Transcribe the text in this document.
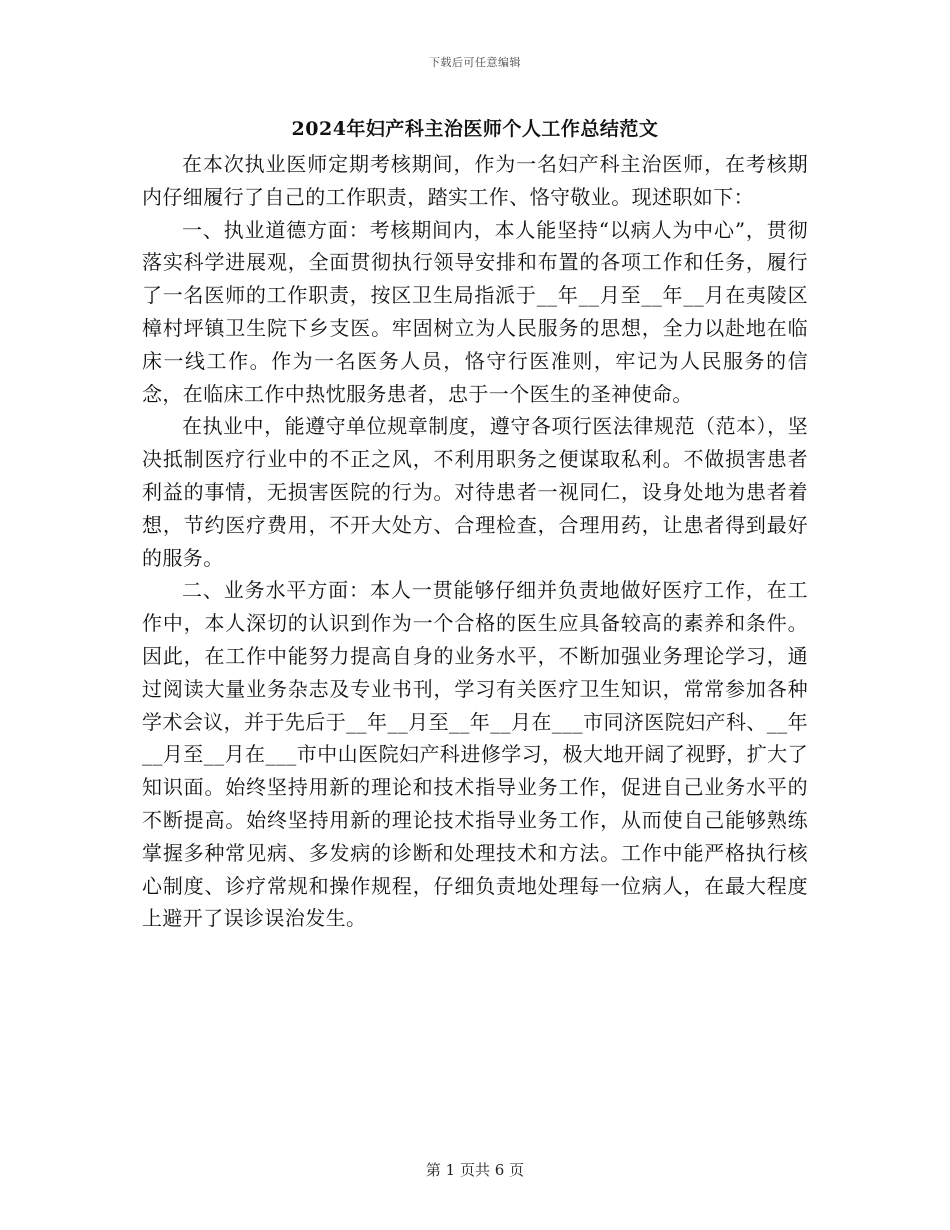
下载后可任意编辑
2024年妇产科主治医师个人工作总结范文

在本次执业医师定期考核期间，作为一名妇产科主治医师，在考核期内仔细履行了自己的工作职责，踏实工作、恪守敬业。现述职如下：

一、执业道德方面：考核期间内，本人能坚持“以病人为中心”，贯彻落实科学进展观，全面贯彻执行领导安排和布置的各项工作和任务，履行了一名医师的工作职责，按区卫生局指派于__年__月至__年__月在夷陵区樟村坪镇卫生院下乡支医。牢固树立为人民服务的思想，全力以赴地在临床一线工作。作为一名医务人员，恪守行医准则，牢记为人民服务的信念，在临床工作中热忱服务患者，忠于一个医生的圣神使命。

在执业中，能遵守单位规章制度，遵守各项行医法律规范（范本），坚决抵制医疗行业中的不正之风，不利用职务之便谋取私利。不做损害患者利益的事情，无损害医院的行为。对待患者一视同仁，设身处地为患者着想，节约医疗费用，不开大处方、合理检查，合理用药，让患者得到最好的服务。

二、业务水平方面：本人一贯能够仔细并负责地做好医疗工作，在工作中，本人深切的认识到作为一个合格的医生应具备较高的素养和条件。因此，在工作中能努力提高自身的业务水平，不断加强业务理论学习，通过阅读大量业务杂志及专业书刊，学习有关医疗卫生知识，常常参加各种学术会议，并于先后于__年__月至__年__月在___市同济医院妇产科、__年__月至__月在___市中山医院妇产科进修学习，极大地开阔了视野，扩大了知识面。始终坚持用新的理论和技术指导业务工作，促进自己业务水平的不断提高。始终坚持用新的理论技术指导业务工作，从而使自己能够熟练掌握多种常见病、多发病的诊断和处理技术和方法。工作中能严格执行核心制度、诊疗常规和操作规程，仔细负责地处理每一位病人，在最大程度上避开了误诊误治发生。

第 1 页共 6 页
